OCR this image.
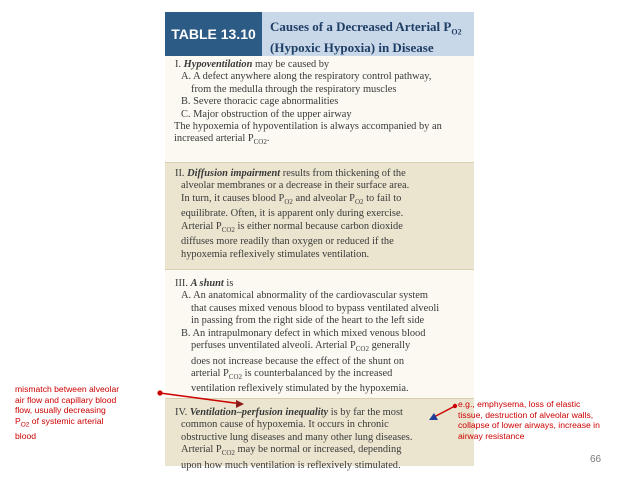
TABLE 13.10	Causes of a Decreased Arterial $P_{O2}$
(Hypoxic Hypoxia) in Disease
I. Hypoventilation may be caused by
A. A defect anywhere along the respiratory control pathway,
from the medulla through the respiratory muscles
B. Severe thoracic cage abnormalities
C. Major obstruction of the upper airway
The hypoxemia of hypoventilation is always accompanied by an
increased arterial $P_{CO2}$.
II. Diffusion impairment results from thickening of the
alveolar membranes or a decrease in their surface area.
In turn, it causes blood $P_{O2}$ and alveolar $P_{O2}$ to fail to
equilibrate. Often, it is apparent only during exercise.
Arterial $P_{CO2}$ is either normal because carbon dioxide
diffuses more readily than oxygen or reduced if the
hypoxemia reflexively stimulates ventilation.
III. A shunt is
A. An anatomical abnormality of the cardiovascular system
that causes mixed venous blood to bypass ventilated alveoli
in passing from the right side of the heart to the left side
B. An intrapulmonary defect in which mixed venous blood
perfuses unventilated alveoli. Arterial $P_{CO2}$ generally
does not increase because the effect of the shunt on
arterial $P_{CO2}$ is counterbalanced by the increased
ventilation reflexively stimulated by the hypoxemia.
IV. Ventilation–perfusion inequality is by far the most
common cause of hypoxemia. It occurs in chronic
obstructive lung diseases and many other lung diseases.
Arterial $P_{CO2}$ may be normal or increased, depending
upon how much ventilation is reflexively stimulated.
mismatch between alveolar
air flow and capillary blood
flow, usually decreasing
$P_{O2}$ of systemic arterial
blood
e.g., emphysema, loss of elastic
tissue, destruction of alveolar walls,
collapse of lower airways, increase in
airway resistance
66
